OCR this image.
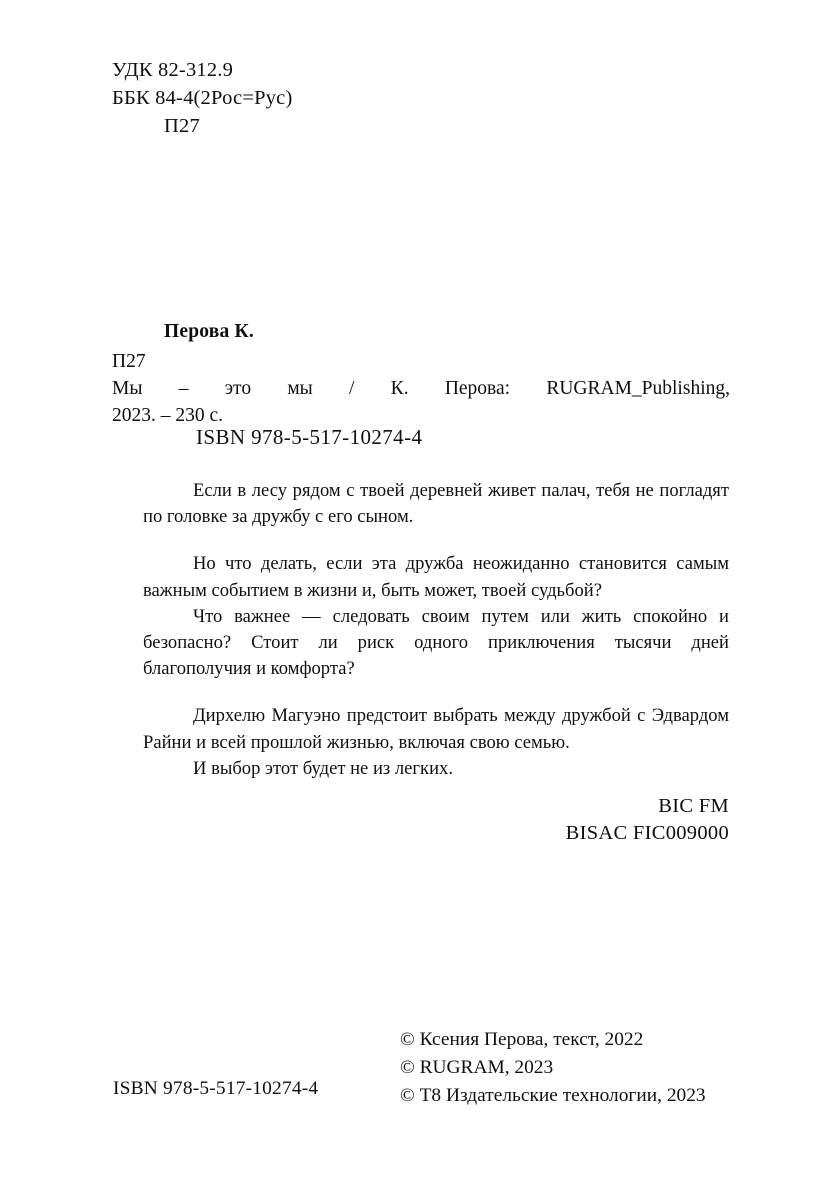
УДК 82-312.9
ББК 84-4(2Рос=Рус)
П27
Перова К.
П27
Мы – это мы / К. Перова: RUGRAM_Publishing,
2023. – 230 с.
ISBN 978-5-517-10274-4

Если в лесу рядом с твоей деревней живет палач, тебя не погладят по головке за дружбу с его сыном.

Но что делать, если эта дружба неожиданно становится самым важным событием в жизни и, быть может, твоей судьбой?

Что важнее — следовать своим путем или жить спокойно и безопасно? Стоит ли риск одного приключения тысячи дней благополучия и комфорта?

Дирхелю Магуэно предстоит выбрать между дружбой с Эдвардом Райни и всей прошлой жизнью, включая свою семью.

И выбор этот будет не из легких.

BIC FM
BISAC FIC009000
© Ксения Перова, текст, 2022
© RUGRAM, 2023
© Т8 Издательские технологии, 2023
ISBN 978-5-517-10274-4
